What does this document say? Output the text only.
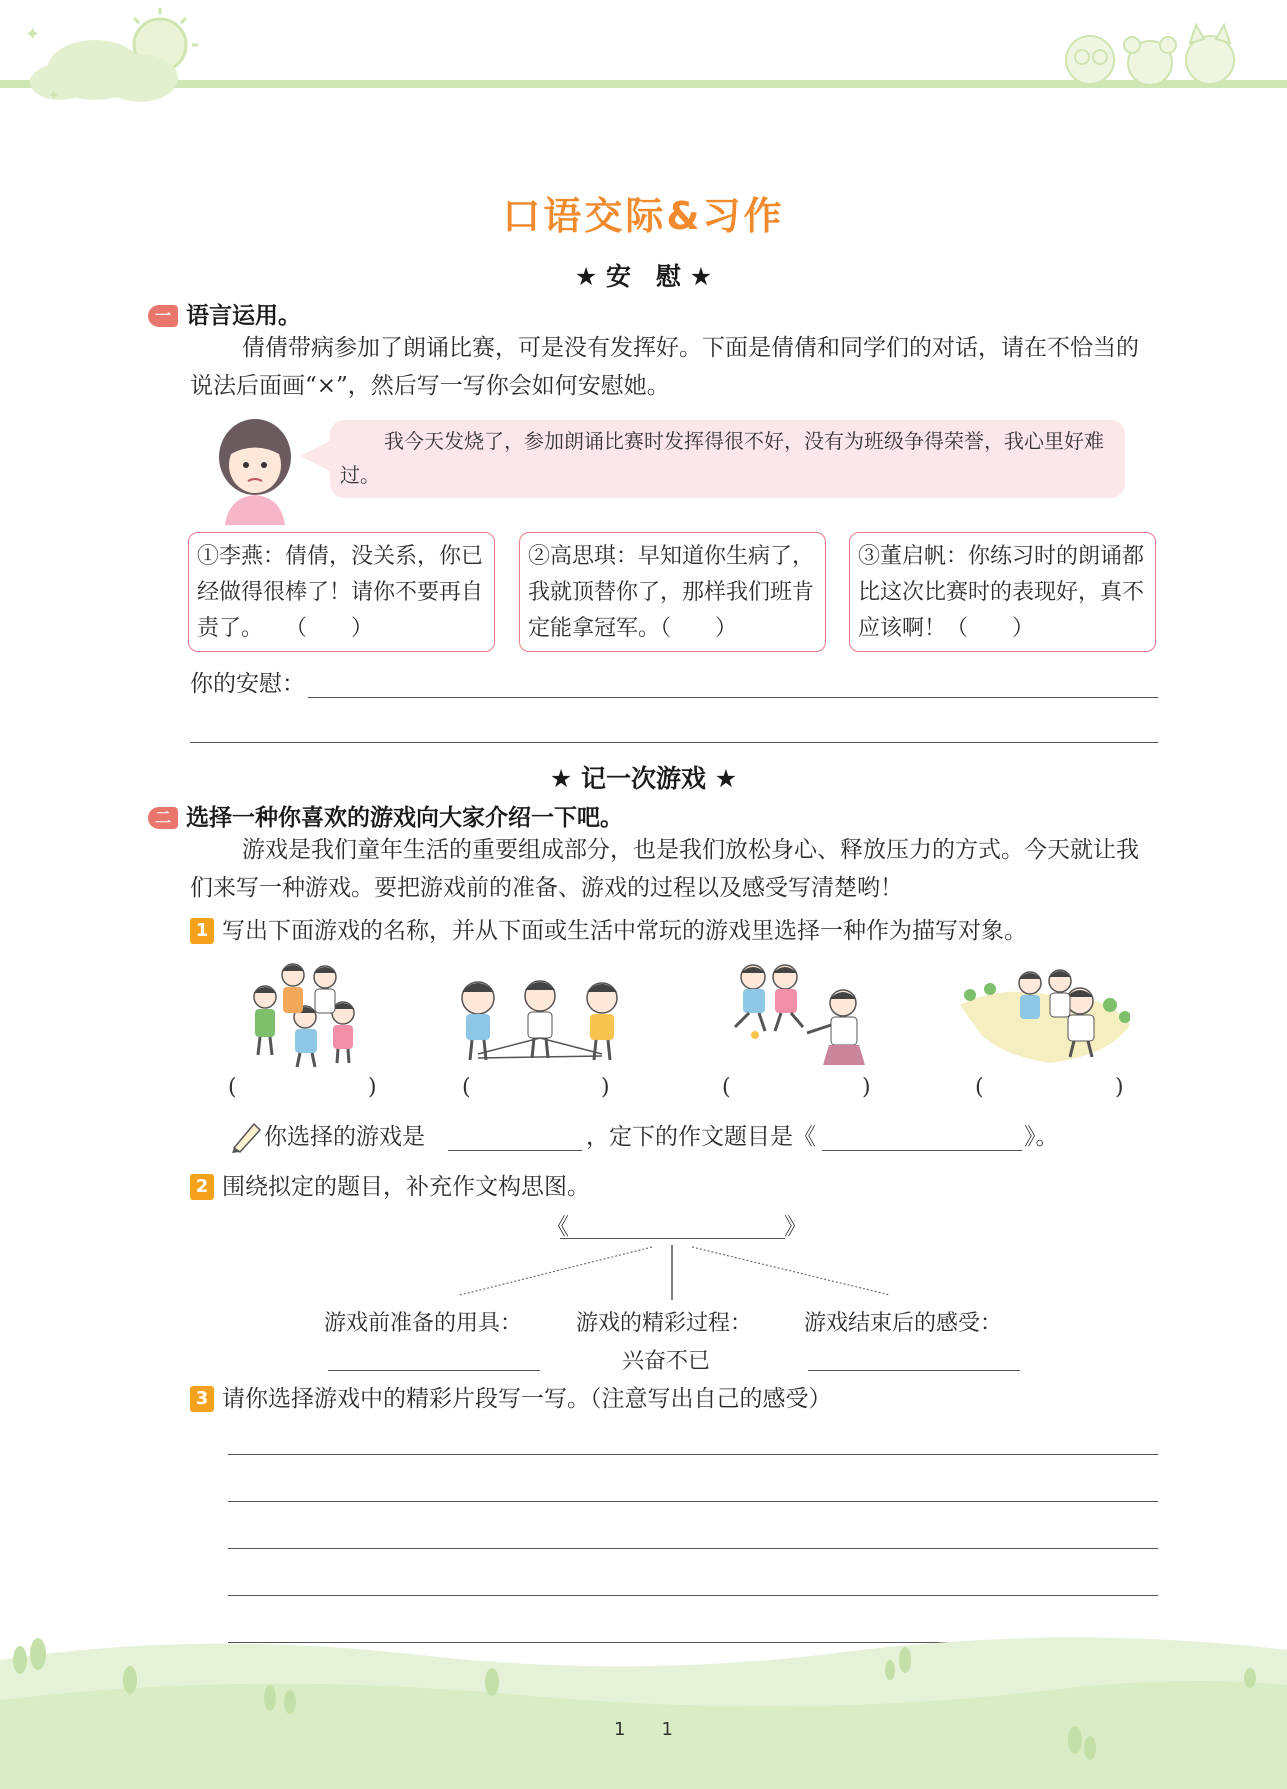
✦
✦
口语交际&习作
★ 安　慰 ★
一 语言运用。
倩倩带病参加了朗诵比赛，可是没有发挥好。下面是倩倩和同学们的对话，请在不恰当的说法后面画“×”，然后写一写你会如何安慰她。
我今天发烧了，参加朗诵比赛时发挥得很不好，没有为班级争得荣誉，我心里好难过。
①李燕：倩倩，没关系，你已经做得很棒了！请你不要再自责了。　　（　　）
②高思琪：早知道你生病了，我就顶替你了，那样我们班肯定能拿冠军。（　　）
③董启帆：你练习时的朗诵都比这次比赛时的表现好，真不应该啊！（　　）
你的安慰：
★ 记一次游戏 ★
二 选择一种你喜欢的游戏向大家介绍一下吧。
游戏是我们童年生活的重要组成部分，也是我们放松身心、释放压力的方式。今天就让我们来写一种游戏。要把游戏前的准备、游戏的过程以及感受写清楚哟！
1 写出下面游戏的名称，并从下面或生活中常玩的游戏里选择一种作为描写对象。
(	)	(	)	(	)	(	)
你选择的游戏是	，定下的作文题目是《	》。
2 围绕拟定的题目，补充作文构思图。
《	》
游戏前准备的用具： 游戏的精彩过程： 游戏结束后的感受：
兴奋不已
3 请你选择游戏中的精彩片段写一写。（注意写出自己的感受）
1　　1
